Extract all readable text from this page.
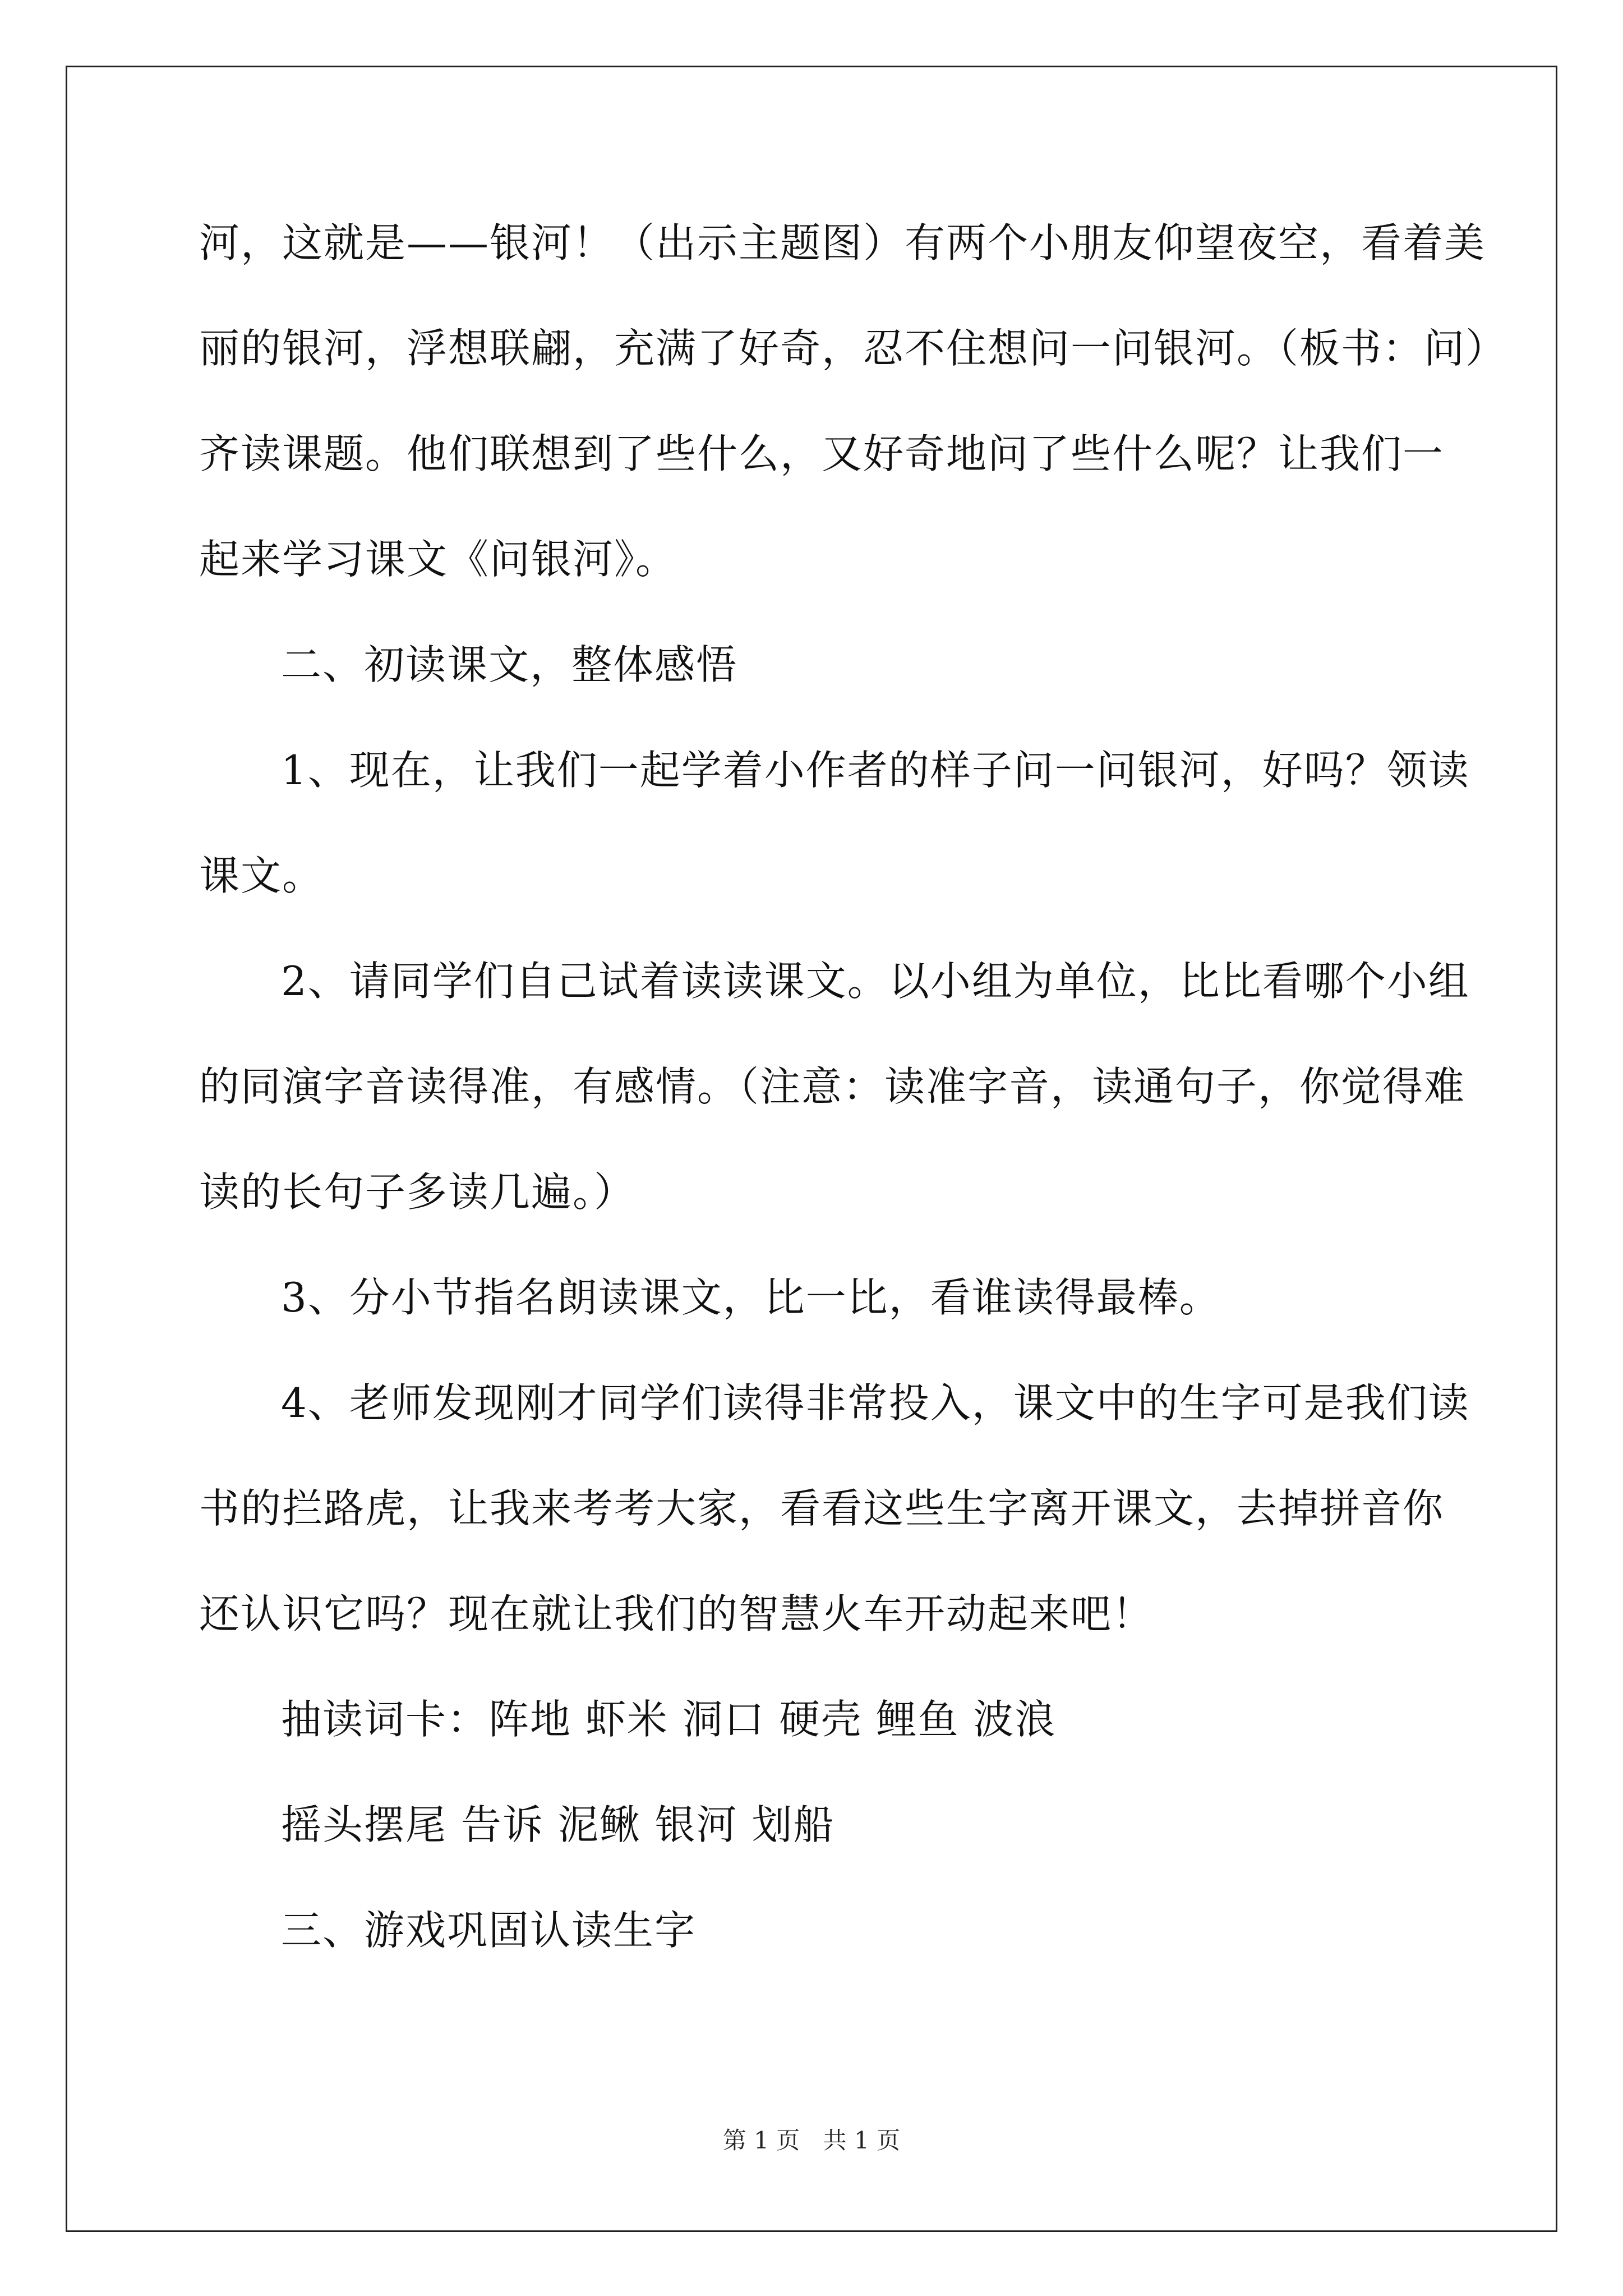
河，这就是——银河！（出示主题图）有两个小朋友仰望夜空，看着美
丽的银河，浮想联翩，充满了好奇，忍不住想问一问银河。（板书：问）
齐读课题。他们联想到了些什么，又好奇地问了些什么呢？让我们一
起来学习课文《问银河》。
二、初读课文，整体感悟
1、现在，让我们一起学着小作者的样子问一问银河，好吗？领读
课文。
2、请同学们自己试着读读课文。以小组为单位，比比看哪个小组
的同演字音读得准，有感情。（注意：读准字音，读通句子，你觉得难
读的长句子多读几遍。）
3、分小节指名朗读课文，比一比，看谁读得最棒。
4、老师发现刚才同学们读得非常投入，课文中的生字可是我们读
书的拦路虎，让我来考考大家，看看这些生字离开课文，去掉拼音你
还认识它吗？现在就让我们的智慧火车开动起来吧！
抽读词卡：阵地 虾米 洞口 硬壳 鲤鱼 波浪
摇头摆尾 告诉 泥鳅 银河 划船
三、游戏巩固认读生字
第 1 页 共 1 页
